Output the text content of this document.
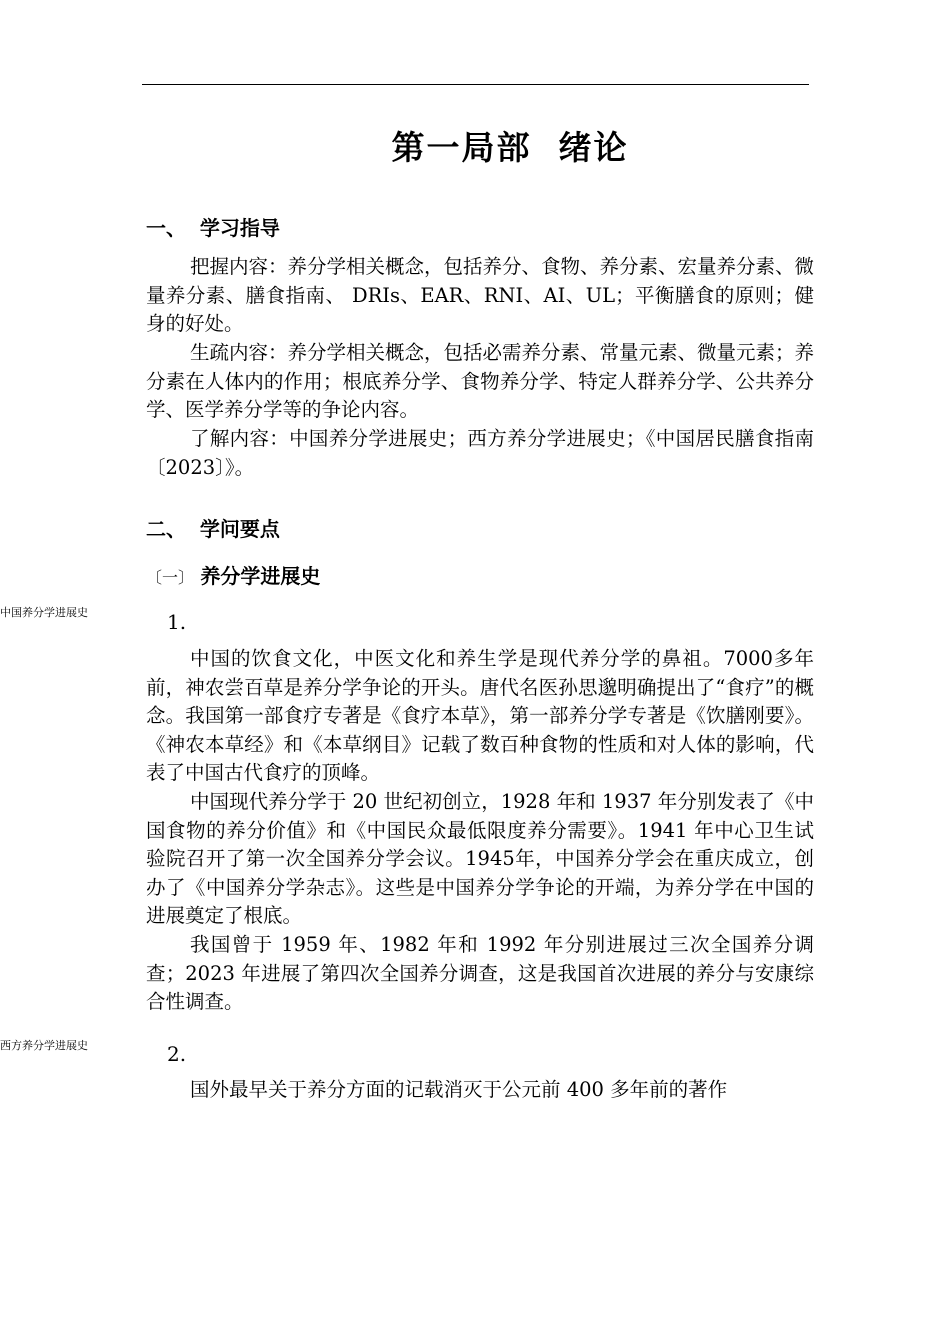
第一局部  绪论
一、  学习指导

把握内容：养分学相关概念，包括养分、食物、养分素、宏量养分素、微量养分素、膳食指南、 DRIs、EAR、RNI、AI、UL；平衡膳食的原则；健身的好处。

生疏内容：养分学相关概念，包括必需养分素、常量元素、微量元素；养分素在人体内的作用；根底养分学、食物养分学、特定人群养分学、公共养分学、医学养分学等的争论内容。

了解内容：中国养分学进展史；西方养分学进展史；《中国居民膳食指南〔2023〕》。

二、  学问要点
〔一〕 养分学进展史
中国养分学进展史	1.

中国的饮食文化，中医文化和养生学是现代养分学的鼻祖。7000多年前，神农尝百草是养分学争论的开头。唐代名医孙思邈明确提出了“食疗”的概念。我国第一部食疗专著是《食疗本草》，第一部养分学专著是《饮膳刚要》。《神农本草经》和《本草纲目》记载了数百种食物的性质和对人体的影响，代表了中国古代食疗的顶峰。

中国现代养分学于 20 世纪初创立，1928 年和 1937 年分别发表了《中国食物的养分价值》和《中国民众最低限度养分需要》。1941 年中心卫生试验院召开了第一次全国养分学会议。1945年，中国养分学会在重庆成立，创办了《中国养分学杂志》。这些是中国养分学争论的开端，为养分学在中国的进展奠定了根底。

我国曾于 1959 年、1982 年和 1992 年分别进展过三次全国养分调查；2023 年进展了第四次全国养分调查，这是我国首次进展的养分与安康综合性调查。

西方养分学进展史	2.

国外最早关于养分方面的记载消灭于公元前 400 多年前的著作
